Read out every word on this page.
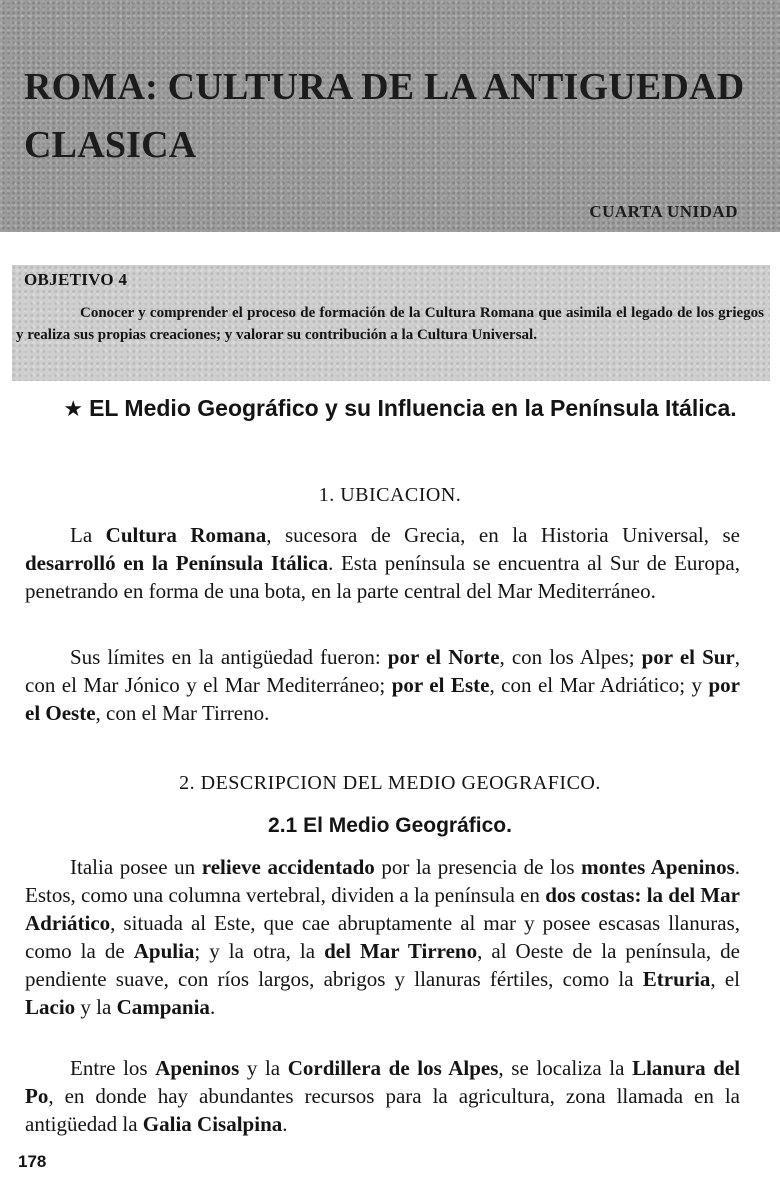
ROMA: CULTURA DE LA ANTIGUEDAD CLASICA
CUARTA UNIDAD
OBJETIVO 4

Conocer y comprender el proceso de formación de la Cultura Romana que asimila el legado de los griegos y realiza sus propias creaciones; y valorar su contribución a la Cultura Universal.

★ EL Medio Geográfico y su Influencia en la Península Itálica.
1. UBICACION.

La Cultura Romana, sucesora de Grecia, en la Historia Universal, se desarrolló en la Península Itálica. Esta península se encuentra al Sur de Europa, penetrando en forma de una bota, en la parte central del Mar Mediterráneo.

Sus límites en la antigüedad fueron: por el Norte, con los Alpes; por el Sur, con el Mar Jónico y el Mar Mediterráneo; por el Este, con el Mar Adriático; y por el Oeste, con el Mar Tirreno.

2. DESCRIPCION DEL MEDIO GEOGRAFICO.
2.1 El Medio Geográfico.

Italia posee un relieve accidentado por la presencia de los montes Apeninos. Estos, como una columna vertebral, dividen a la península en dos costas: la del Mar Adriático, situada al Este, que cae abruptamente al mar y posee escasas llanuras, como la de Apulia; y la otra, la del Mar Tirreno, al Oeste de la península, de pendiente suave, con ríos largos, abrigos y llanuras fértiles, como la Etruria, el Lacio y la Campania.

Entre los Apeninos y la Cordillera de los Alpes, se localiza la Llanura del Po, en donde hay abundantes recursos para la agricultura, zona llamada en la antigüedad la Galia Cisalpina.

178
